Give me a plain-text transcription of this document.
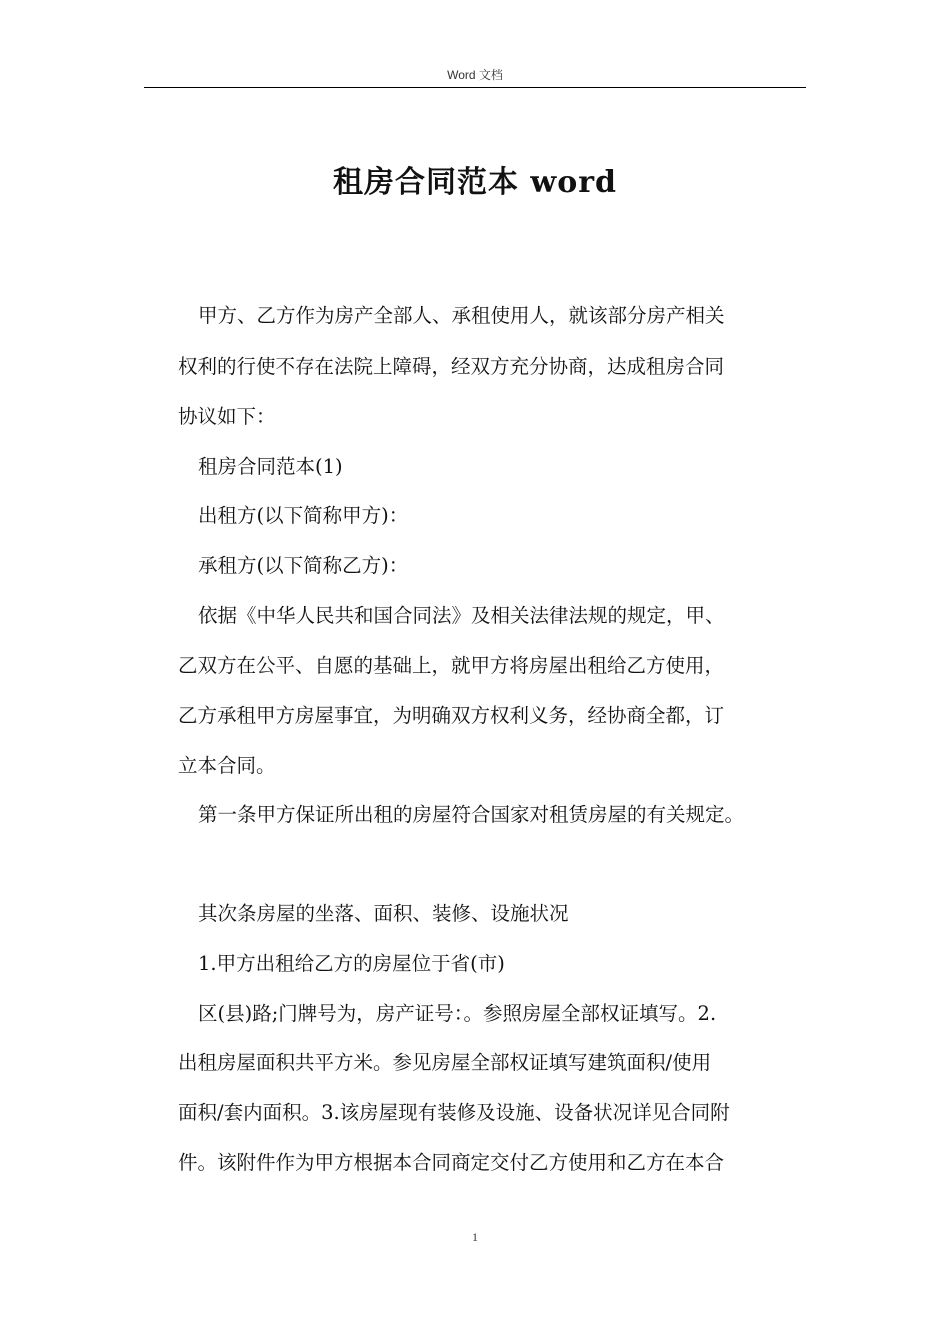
Word 文档
租房合同范本 word

甲方、乙方作为房产全部人、承租使用人，就该部分房产相关

权利的行使不存在法院上障碍，经双方充分协商，达成租房合同

协议如下：

租房合同范本(1)

出租方(以下简称甲方)：

承租方(以下简称乙方)：

依据《中华人民共和国合同法》及相关法律法规的规定，甲、

乙双方在公平、自愿的基础上，就甲方将房屋出租给乙方使用，

乙方承租甲方房屋事宜，为明确双方权利义务，经协商全都，订

立本合同。

第一条甲方保证所出租的房屋符合国家对租赁房屋的有关规定。

其次条房屋的坐落、面积、装修、设施状况

1.甲方出租给乙方的房屋位于省(市)

区(县)路;门牌号为，房产证号：。参照房屋全部权证填写。2.

出租房屋面积共平方米。参见房屋全部权证填写建筑面积/使用

面积/套内面积。3.该房屋现有装修及设施、设备状况详见合同附

件。该附件作为甲方根据本合同商定交付乙方使用和乙方在本合

1
